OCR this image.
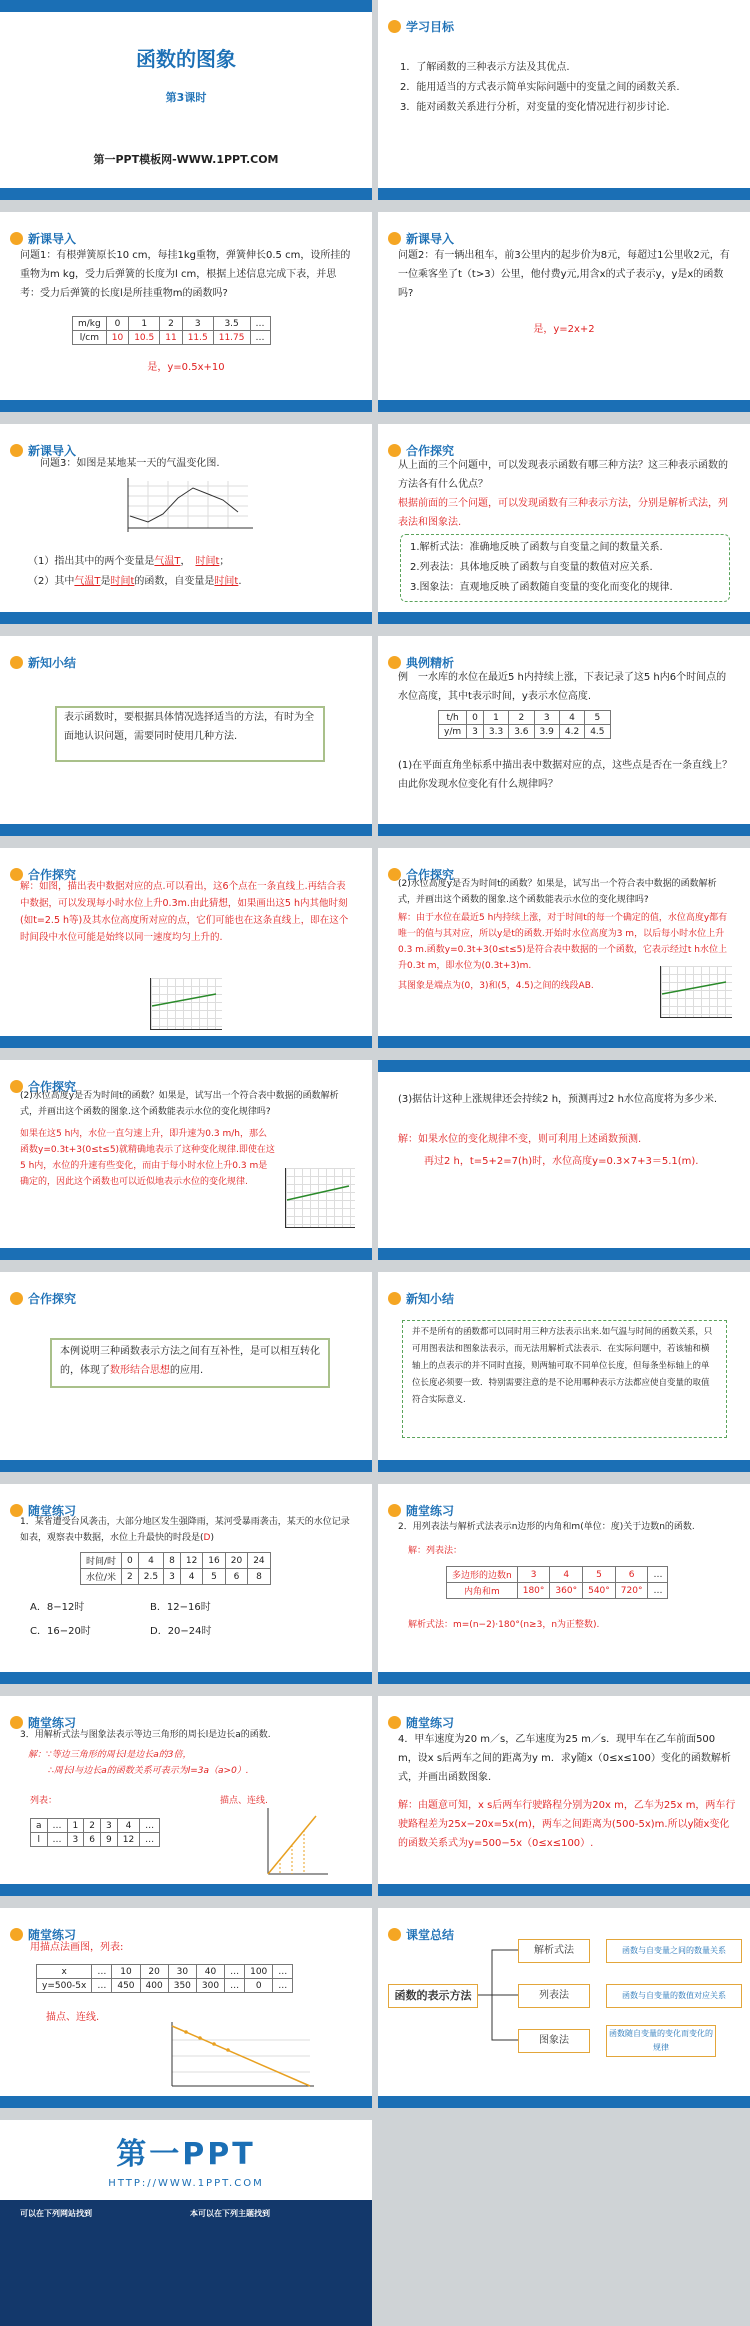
函数的图象
第3课时
第一PPT模板网-WWW.1PPT.COM
学习目标
1．了解函数的三种表示方法及其优点.
2．能用适当的方式表示简单实际问题中的变量之间的函数关系.
3．能对函数关系进行分析，对变量的变化情况进行初步讨论.
新课导入
问题1：有根弹簧原长10 cm，每挂1kg重物，弹簧伸长0.5 cm，设所挂的重物为m kg，受力后弹簧的长度为l cm，根据上述信息完成下表，并思考：受力后弹簧的长度l是所挂重物m的函数吗?
m/kg	0	1	2	3	3.5	…
l/cm	10	10.5	11	11.5	11.75	…
是，y=0.5x+10
新课导入
问题2：有一辆出租车，前3公里内的起步价为8元，每超过1公里收2元，有一位乘客坐了t（t>3）公里，他付费y元,用含x的式子表示y，y是x的函数吗?
是，y=2x+2
新课导入
问题3：如图是某地某一天的气温变化图.
（1）指出其中的两个变量是气温T，　时间t；
（2）其中气温T是时间t的函数，自变量是时间t.
合作探究
从上面的三个问题中，可以发现表示函数有哪三种方法？这三种表示函数的方法各有什么优点？
根据前面的三个问题，可以发现函数有三种表示方法，分别是解析式法，列表法和图象法.
1.解析式法：准确地反映了函数与自变量之间的数量关系.
2.列表法：具体地反映了函数与自变量的数值对应关系.
3.图象法：直观地反映了函数随自变量的变化而变化的规律.
新知小结
表示函数时，要根据具体情况选择适当的方法，有时为全面地认识问题，需要同时使用几种方法.
典例精析
例　一水库的水位在最近5 h内持续上涨，下表记录了这5 h内6个时间点的水位高度，其中t表示时间，y表示水位高度.
t/h	0	1	2	3	4	5
y/m	3	3.3	3.6	3.9	4.2	4.5
(1)在平面直角坐标系中描出表中数据对应的点，这些点是否在一条直线上？由此你发现水位变化有什么规律吗？
合作探究
解：如图，描出表中数据对应的点.可以看出，这6个点在一条直线上.再结合表中数据，可以发现每小时水位上升0.3m.由此猜想，如果画出这5 h内其他时刻(如t=2.5 h等)及其水位高度所对应的点，它们可能也在这条直线上，即在这个时间段中水位可能是始终以同一速度均匀上升的.
合作探究
(2)水位高度y是否为时间t的函数？如果是，试写出一个符合表中数据的函数解析式，并画出这个函数的图象.这个函数能表示水位的变化规律吗?
解：由于水位在最近5 h内持续上涨，对于时间t的每一个确定的值，水位高度y都有唯一的值与其对应，所以y是t的函数.开始时水位高度为3 m，以后每小时水位上升0.3 m.函数y=0.3t+3(0≤t≤5)是符合表中数据的一个函数，它表示经过t h水位上升0.3t m，即水位为(0.3t+3)m.
其图象是端点为(0，3)和(5，4.5)之间的线段AB.
合作探究
(2)水位高度y是否为时间t的函数？如果是，试写出一个符合表中数据的函数解析式，并画出这个函数的图象.这个函数能表示水位的变化规律吗?
如果在这5 h内，水位一直匀速上升，即升速为0.3 m/h，那么函数y=0.3t+3(0≤t≤5)就精确地表示了这种变化规律.即使在这5 h内，水位的升速有些变化，而由于每小时水位上升0.3 m是确定的，因此这个函数也可以近似地表示水位的变化规律.
(3)据估计这种上涨规律还会持续2 h，预测再过2 h水位高度将为多少米.
解：如果水位的变化规律不变，则可利用上述函数预测.
再过2 h，t=5+2=7(h)时，水位高度y=0.3×7+3＝5.1(m).
合作探究
本例说明三种函数表示方法之间有互补性，是可以相互转化的，体现了数形结合思想的应用.
新知小结
并不是所有的函数都可以同时用三种方法表示出来.如气温与时间的函数关系，只可用图表法和图象法表示，而无法用解析式法表示．在实际问题中，若该轴和横轴上的点表示的并不同时直接，则两轴可取不同单位长度，但每条坐标轴上的单位长度必须要一致．特别需要注意的是不论用哪种表示方法都应使自变量的取值符合实际意义.
随堂练习
1．某省遭受台风袭击，大部分地区发生强降雨，某河受暴雨袭击，某天的水位记录如表，观察表中数据，水位上升最快的时段是(D)
时间/时	0	4	8	12	16	20	24
水位/米	2	2.5	3	4	5	6	8
A．8−12时	B．12−16时
C．16−20时	D．20−24时
随堂练习
2．用列表法与解析式法表示n边形的内角和m(单位：度)关于边数n的函数.
解：列表法：
多边形的边数n	3	4	5	6	…
内角和m	180°	360°	540°	720°	…
解析式法：m=(n−2)·180°(n≥3，n为正整数).
随堂练习
3．用解析式法与图象法表示等边三角形的周长l是边长a的函数.
解：∵等边三角形的周长l是边长a的3倍，
∴周长l与边长a的函数关系可表示为l=3a（a>0）.
列表：	描点、连线.
a	…	1	2	3	4	…
l	…	3	6	9	12	…
随堂练习
4．甲车速度为20 m／s，乙车速度为25 m／s．现甲车在乙车前面500 m，设x s后两车之间的距离为y m．求y随x（0≤x≤100）变化的函数解析式，并画出函数图象.
解：由题意可知，x s后两车行驶路程分别为20x m，乙车为25x m，两车行驶路程差为25x−20x=5x(m)，两车之间距离为(500-5x)m.所以y随x变化的函数关系式为y=500−5x（0≤x≤100）.
随堂练习
用描点法画图，列表:
x	…	10	20	30	40	…	100	…
y=500-5x	…	450	400	350	300	…	0	…
描点、连线.
课堂总结
函数的表示方法
解析式法
列表法
图象法
函数与自变量之间的数量关系
函数与自变量的数值对应关系
函数随自变量的变化而变化的规律
第一PPT
HTTP://WWW.1PPT.COM
可以在下列网站找到	本可以在下列主题找到
